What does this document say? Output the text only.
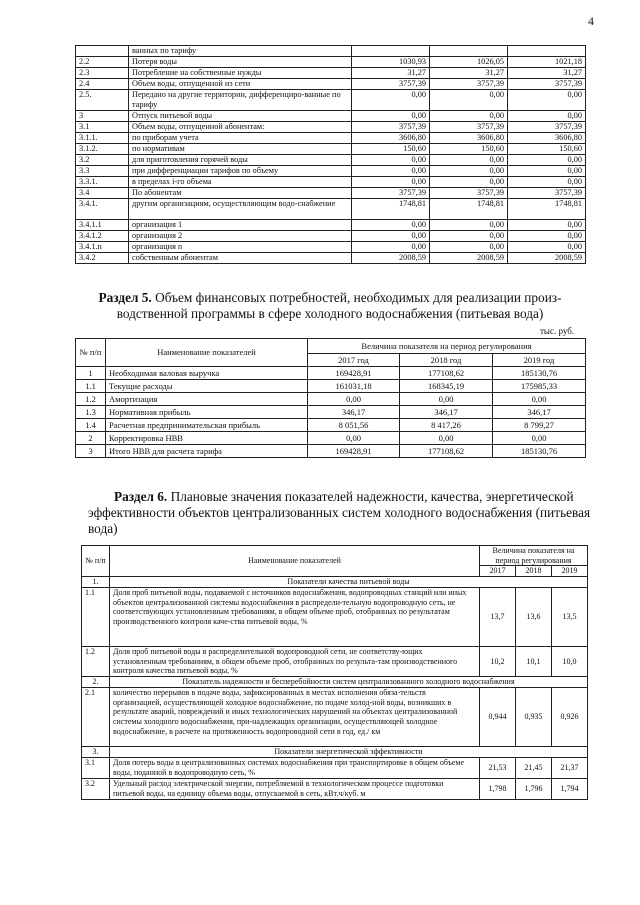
4
	ванных по тарифу			
2.2	Потеря воды	1030,93	1026,05	1021,18
2.3	Потребление на собственные нужды	31,27	31,27	31,27
2.4	Объем воды, отпущенной из сети	3757,39	3757,39	3757,39
2.5.	Передано на другие территории, дифференциро-ванные по тарифу	0,00	0,00	0,00
3	Отпуск питьевой воды	0,00	0,00	0,00
3.1	Объем воды, отпущенной абонентам:	3757,39	3757,39	3757,39
3.1.1.	по приборам учета	3606,80	3606,80	3606,80
3.1.2.	по нормативам	150,60	150,60	150,60
3.2	для приготовления горячей воды	0,00	0,00	0,00
3.3	при дифференциации тарифов по объему	0,00	0,00	0,00
3.3.1.	в пределах i-го объема	0,00	0,00	0,00
3.4	По абонентам	3757,39	3757,39	3757,39
3.4.1.	другим организациям, осуществляющим водо-снабжение	1748,81	1748,81	1748,81
3.4.1.1	организация 1	0,00	0,00	0,00
3.4.1.2	организация 2	0,00	0,00	0,00
3.4.1.n	организация n	0,00	0,00	0,00
3.4.2	собственным абонентам	2008,59	2008,59	2008,59
Раздел 5. Объем финансовых потребностей, необходимых для реализации произ-
водственной программы в сфере холодного водоснабжения (питьевая вода)
тыс. руб.
№ п/п	Наименование показателей	Величина показателя на период регулирования		
		2017 год	2018 год	2019 год
1	Необходимая валовая выручка	169428,91	177108,62	185130,76
1.1	Текущие расходы	161031,18	168345,19	175985,33
1.2	Амортизация	0,00	0,00	0,00
1.3	Нормативная прибыль	346,17	346,17	346,17
1.4	Расчетная предпринимательская прибыль	8 051,56	8 417,26	8 799,27
2	Корректировка НВВ	0,00	0,00	0,00
3	Итого НВВ для расчета тарифа	169428,91	177108,62	185130,76
Раздел 6. Плановые значения показателей надежности, качества, энергетической
эффективности объектов централизованных систем холодного водоснабжения (питьевая
вода)
№ п/п	Наименование показателей	Величина показателя на период регулирования		
		2017	2018	2019
1.	Показатели качества питьевой воды			
1.1	Доля проб питьевой воды, подаваемой с источников водоснабжения, водопроводных станций или иных объектов централизованной системы водоснабжения в распредели-тельную водопроводную сеть, не соответствующих установленным требованиям, в общем объеме проб, отобранных по результатам производственного контроля каче-ства питьевой воды, %	13,7	13,6	13,5
1.2	Доля проб питьевой воды в распределительной водопроводной сети, не соответству-ющих установленным требованиям, в общем объеме проб, отобранных по результа-там производственного контроля качества питьевой воды, %	10,2	10,1	10,0
2.	Показатель надежности и бесперебойности систем централизованного холодного водоснабжения			
2.1	количество перерывов в подаче воды, зафиксированных в местах исполнения обяза-тельств организацией, осуществляющей холодное водоснабжение, по подаче холод-ной воды, возникших в результате аварий, повреждений и иных технологических нарушений на объектах централизованной системы холодного водоснабжения, при-надлежащих организации, осуществляющей холодное водоснабжение, в расчете на протяженность водопроводной сети в год, ед./ км	0,944	0,935	0,926
3.	Показатели энергетической эффективности			
3.1	Доля потерь воды в централизованных системах водоснабжения при транспортировке в общем объеме воды, поданной в водопроводную сеть, %	21,53	21,45	21,37
3.2	Удельный расход электрической энергии, потребляемой в технологическом процессе подготовки питьевой воды, на единицу объема воды, отпускаемой в сеть, кВт.ч/куб. м	1,798	1,796	1,794
